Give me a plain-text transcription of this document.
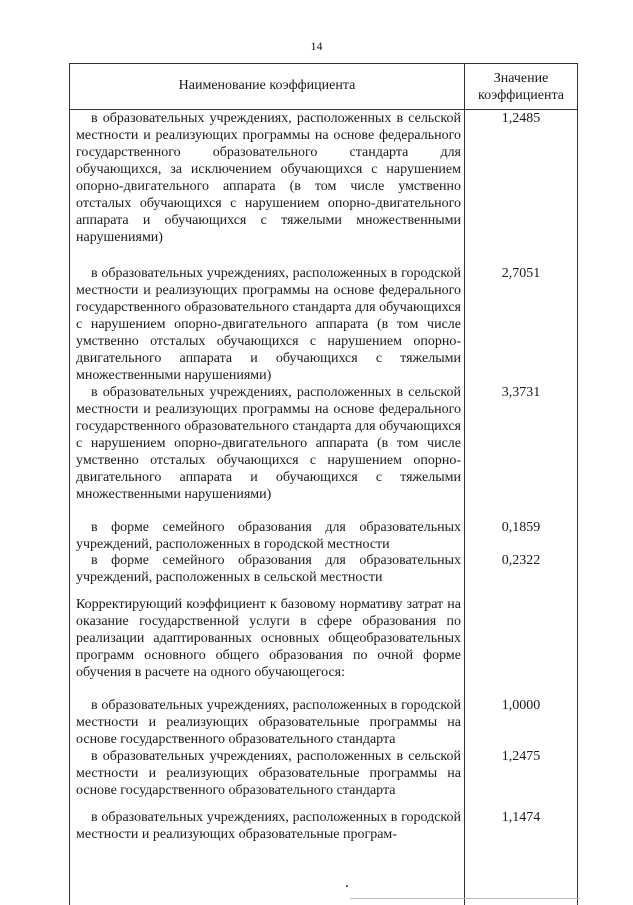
14
Наименование коэффициента	Значение
коэффициента
в образовательных учреждениях, расположенных в сельской местности и реализующих программы на основе федерального государственного образовательного стандарта для обучающихся, за исключением обучающихся с нарушением опорно-двигательного аппарата (в том числе умственно отсталых обучающихся с нарушением опорно-двигательного аппарата и обучающихся с тяжелыми множественными нарушениями)
1,2485
в образовательных учреждениях, расположенных в городской местности и реализующих программы на основе федерального государственного образовательного стандарта для обучающихся с нарушением опорно-двигательного аппарата (в том числе умственно отсталых обучающихся с нарушением опорно-двигательного аппарата и обучающихся с тяжелыми множественными нарушениями)
2,7051
в образовательных учреждениях, расположенных в сельской местности и реализующих программы на основе федерального государственного образовательного стандарта для обучающихся с нарушением опорно-двигательного аппарата (в том числе умственно отсталых обучающихся с нарушением опорно-двигательного аппарата и обучающихся с тяжелыми множественными нарушениями)
3,3731
в форме семейного образования для образовательных учреждений, расположенных в городской местности
0,1859
в форме семейного образования для образовательных учреждений, расположенных в сельской местности
0,2322
Корректирующий коэффициент к базовому нормативу затрат на оказание государственной услуги в сфере образования по реализации адаптированных основных общеобразовательных программ основного общего образования по очной форме обучения в расчете на одного обучающегося:
в образовательных учреждениях, расположенных в городской местности и реализующих образовательные программы на основе государственного образовательного стандарта
1,0000
в образовательных учреждениях, расположенных в сельской местности и реализующих образовательные программы на основе государственного образовательного стандарта
1,2475
в образовательных учреждениях, расположенных в городской местности и реализующих образовательные програм-
1,1474
